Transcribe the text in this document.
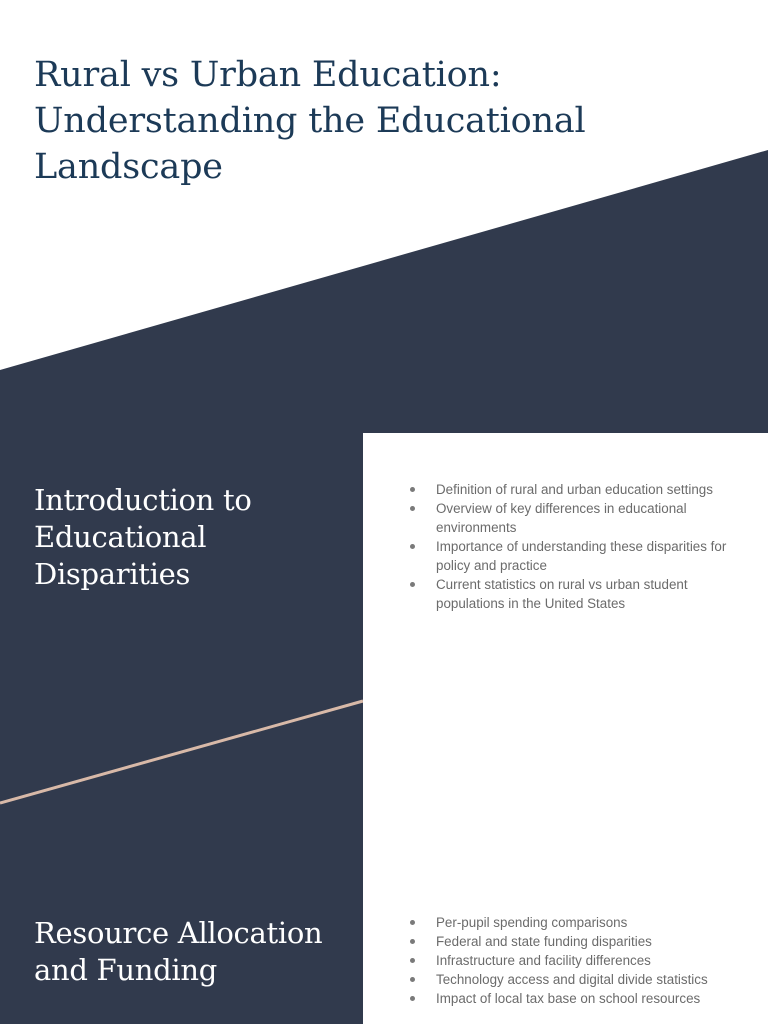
Rural vs Urban Education: Understanding the Educational Landscape
Introduction to Educational Disparities
Definition of rural and urban education settings
Overview of key differences in educational environments
Importance of understanding these disparities for policy and practice
Current statistics on rural vs urban student populations in the United States
Resource Allocation and Funding
Per-pupil spending comparisons
Federal and state funding disparities
Infrastructure and facility differences
Technology access and digital divide statistics
Impact of local tax base on school resources
